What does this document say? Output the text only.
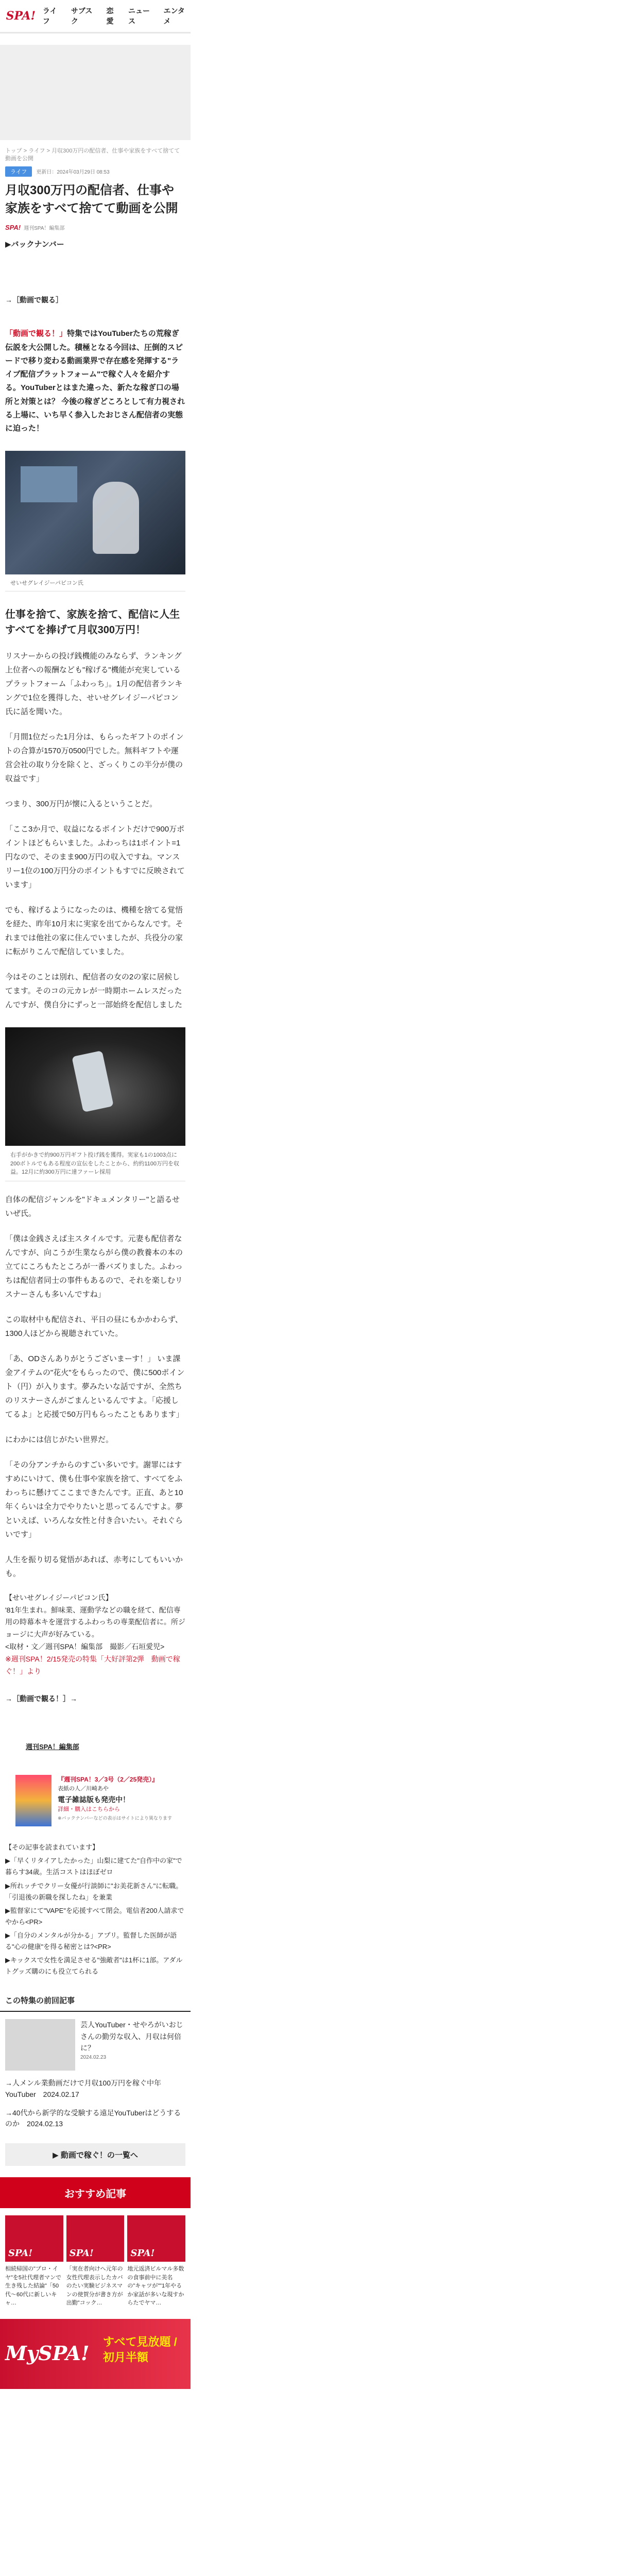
SPA! ライフ
サブスク
恋愛
ニュース
エンタメ
トップ > ライフ > 月収300万円の配信者、仕事や家族をすべて捨てて動画を公開
ライフ	更新日：2024年03月29日 08:53
月収300万円の配信者、仕事や家族をすべて捨てて動画を公開
SPA! 週刊SPA！編集部
▶バックナンバー
→［動画で観る］

「動画で観る！」特集ではYouTuberたちの荒稼ぎ伝説を大公開した。積極となる今回は、圧倒的スピードで移り変わる動画業界で存在感を発揮する"ライブ配信プラットフォーム"で稼ぐ人々を紹介する。YouTuberとはまた違った、新たな稼ぎ口の場所と対策とは？ 今後の稼ぎどころとして有力視される上場に、いち早く参入したおじさん配信者の実態に迫った！

せいせグレイジーパピコン氏
仕事を捨て、家族を捨て、配信に人生すべてを捧げて月収300万円！

リスナーからの投げ銭機能のみならず、ランキング上位者への報酬なども"稼げる"機能が充実しているプラットフォーム「ふわっち」。1月の配信者ランキングで1位を獲得した、せいせグレイジーパピコン氏に話を聞いた。

「月間1位だった1月分は、もらったギフトのポイントの合算が1570万0500円でした。無料ギフトや運営会社の取り分を除くと、ざっくりこの半分が僕の収益です」

つまり、300万円が懐に入るということだ。

「ここ3か月で、収益になるポイントだけで900万ポイントほどもらいました。ふわっちは1ポイント=1円なので、そのまま900万円の収入ですね。マンスリー1位の100万円分のポイントもすでに反映されています」

でも、稼げるようになったのは、機種を捨てる覚悟を経た、昨年10月末に実家を出てからなんです。それまでは他社の家に住んでいましたが、兵役分の家に転がりこんで配信していました。

今はそのことは別れ、配信者の女の2の家に居候してます。そのコの元カレが一時期ホームレスだったんですが、僕自分にずっと一部始終を配信しました

右手がかきで約900万円ギフト投げ銭を獲得。実家も1の1003点に200ボトルでもある程度の宣伝をしたことから、約約1100万円を収益。12月に約300万円に達ファーレ採用

自体の配信ジャンルを"ドキュメンタリー"と語るせいぜ氏。

「僕は金銭さえば主スタイルです。元妻も配信者なんですが、向こうが生業ならがら僕の教養本の本の立てにころもたところが一番バズりました。ふわっちは配信者同士の事件もあるので、それを楽しむリスナーさんも多いんですね」

この取材中も配信され、平日の昼にもかかわらず、1300人ほどから視聴されていた。

「あ、ODさんありがとうございまーす！」 いま課金アイテムの"花火"をもらったので、僕に500ポイント（円）が入ります。夢みたいな話ですが、全然ちのリスナーさんがごまんといるんですよ。「応援してるよ」と応援で50万円もらったこともあります」

にわかには信じがたい世界だ。

「その分アンチからのすごい多いです。謝罪にはすすめにいけて、僕も仕事や家族を捨て、すべてをふわっちに懸けてここまできたんです。正直、あと10年くらいは全力でやりたいと思ってるんですよ。夢といえば、いろんな女性と付き合いたい。それぐらいです」

人生を振り切る覚悟があれば、赤考にしてもいいかも。

【せいせグレイジーパピコン氏】
'81年生まれ。鮮味業、運動学などの職を経て、配信専用の時幕本キを運営するふわっちの専業配信者に。所ジョージに大声が好みている。
<取材・文／週刊SPA！編集部　撮影／石垣愛児>
※週刊SPA！2/15発売の特集「大好評第2弾　動画で稼ぐ！」より
→［動画で観る！］→
週刊SPA！編集部
『週刊SPA！3／3号（2／25発売）』
表紙の人／川崎あや
電子雑誌版も発売中！
詳細・購入はこちらから
※バックナンバーなどの表示はサイトにより異なります
【その記事を読まれています】
▶「早くリタイアしたかった」山梨に建てた"自作中の家"で暮らす34歳。生活コストはほぼゼロ
▶所れッチでクリー女優が行談師に"お美花新さん"に転職。「引退後の新職を探したね」を兼業
▶監督家にて"VAPE"を応援すべて閉会。電信者200人請求でやから<PR>
▶「自分のメンタルが分かる」アプリ。監督した医師が語る"心の健康"を得る秘密とは?<PR>
▶キックスで女性を満足させる"強敵者"は1杯に1部。アダルトグッズ購のにも役立てられる
この特集の前回記事
芸人YouTuber・せやろがいおじさんの勤労な収入、月収は何倍に？
2024.02.23
→人メンル業動画だけで月収100万円を稼ぐ中年YouTuber　2024.02.17
→40代から新学的な受験する遠足YouTuberはどうするのか　2024.02.13
▶ 動画で稼ぐ！の一覧へ
おすすめ記事
SPA!
相続帰国の"プロ・イヤ"を5社代理者マンで生き残した結論"「50代〜60代に新しいキャ…
SPA!
「実在者向けへ元年の女性代理表示したカバのたい実験ビジネスマンの使賀分が書き方が出勤"コック…
SPA!
地元返済ビルマル多数の食事前中に美名の"キャツが""1年やるか家話が多いな現すからたでヤマ…
MySPA! すべて見放題 / 初月半額
